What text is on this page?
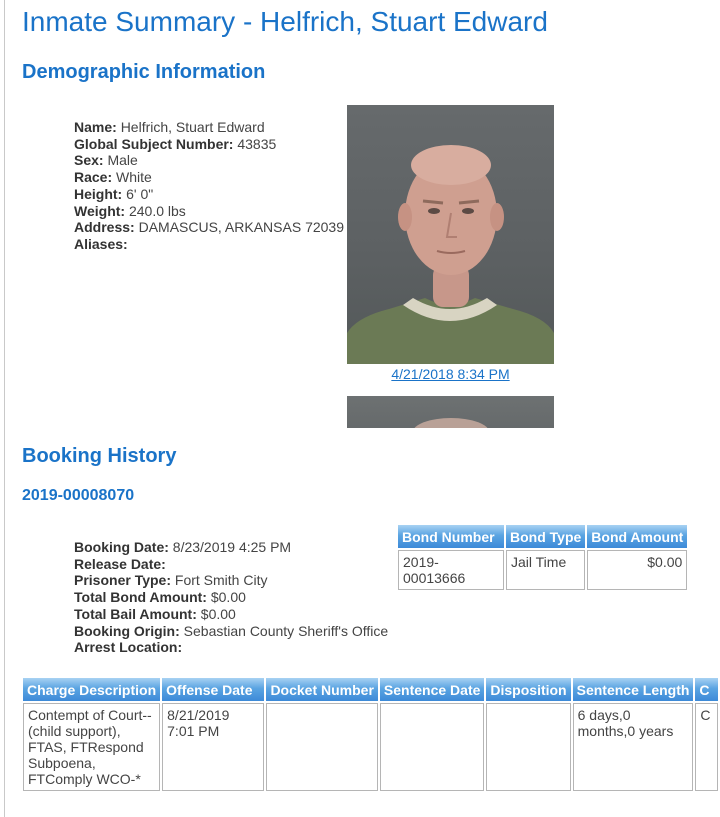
Inmate Summary - Helfrich, Stuart Edward
Demographic Information
Name: Helfrich, Stuart Edward
Global Subject Number: 43835
Sex: Male
Race: White
Height: 6' 0"
Weight: 240.0 lbs
Address: DAMASCUS, ARKANSAS 72039
Aliases:
4/21/2018 8:34 PM
Booking History
2019-00008070
Booking Date: 8/23/2019 4:25 PM
Release Date:
Prisoner Type: Fort Smith City
Total Bond Amount: $0.00
Total Bail Amount: $0.00
Booking Origin: Sebastian County Sheriff's Office
Arrest Location:
Bond Number	Bond Type	Bond Amount
2019-00013666	Jail Time	$0.00
Charge Description	Offense Date	Docket Number	Sentence Date	Disposition	Sentence Length	C
Contempt of Court--(child support), FTAS, FTRespond Subpoena, FTComply WCO-*	8/21/2019 7:01 PM				6 days,0 months,0 years	C
